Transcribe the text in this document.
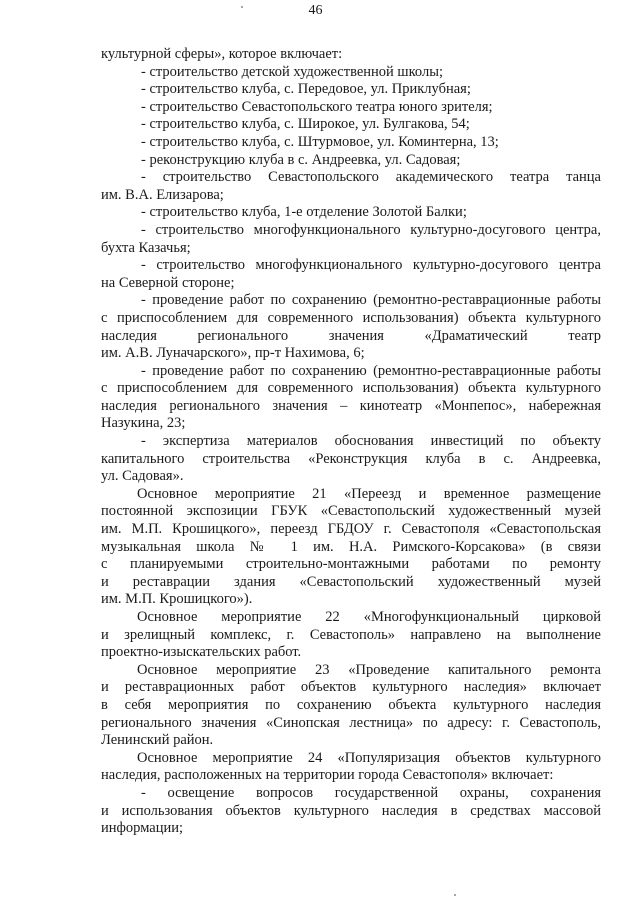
46
культурной сферы», которое включает:
- строительство детской художественной школы;
- строительство клуба, с. Передовое, ул. Приклубная;
- строительство Севастопольского театра юного зрителя;
- строительство клуба, с. Широкое, ул. Булгакова, 54;
- строительство клуба, с. Штурмовое, ул. Коминтерна, 13;
- реконструкцию клуба в с. Андреевка, ул. Садовая;
- строительство Севастопольского академического театра танца
им. В.А. Елизарова;
- строительство клуба, 1-е отделение Золотой Балки;
- строительство многофункционального культурно-досугового центра,
бухта Казачья;
- строительство многофункционального культурно-досугового центра
на Северной стороне;
- проведение работ по сохранению (ремонтно-реставрационные работы
с приспособлением для современного использования) объекта культурного
наследия регионального значения «Драматический театр
им. А.В. Луначарского», пр-т Нахимова, 6;
- проведение работ по сохранению (ремонтно-реставрационные работы
с приспособлением для современного использования) объекта культурного
наследия регионального значения – кинотеатр «Монпепос», набережная
Назукина, 23;
- экспертиза материалов обоснования инвестиций по объекту
капитального строительства «Реконструкция клуба в с. Андреевка,
ул. Садовая».
Основное мероприятие 21 «Переезд и временное размещение
постоянной экспозиции ГБУК «Севастопольский художественный музей
им. М.П. Крошицкого», переезд ГБДОУ г. Севастополя «Севастопольская
музыкальная школа № 1 им. Н.А. Римского-Корсакова» (в связи
с планируемыми строительно-монтажными работами по ремонту
и реставрации здания «Севастопольский художественный музей
им. М.П. Крошицкого»).
Основное мероприятие 22 «Многофункциональный цирковой
и зрелищный комплекс, г. Севастополь» направлено на выполнение
проектно-изыскательских работ.
Основное мероприятие 23 «Проведение капитального ремонта
и реставрационных работ объектов культурного наследия» включает
в себя мероприятия по сохранению объекта культурного наследия
регионального значения «Синопская лестница» по адресу: г. Севастополь,
Ленинский район.
Основное мероприятие 24 «Популяризация объектов культурного
наследия, расположенных на территории города Севастополя» включает:
- освещение вопросов государственной охраны, сохранения
и использования объектов культурного наследия в средствах массовой
информации;
